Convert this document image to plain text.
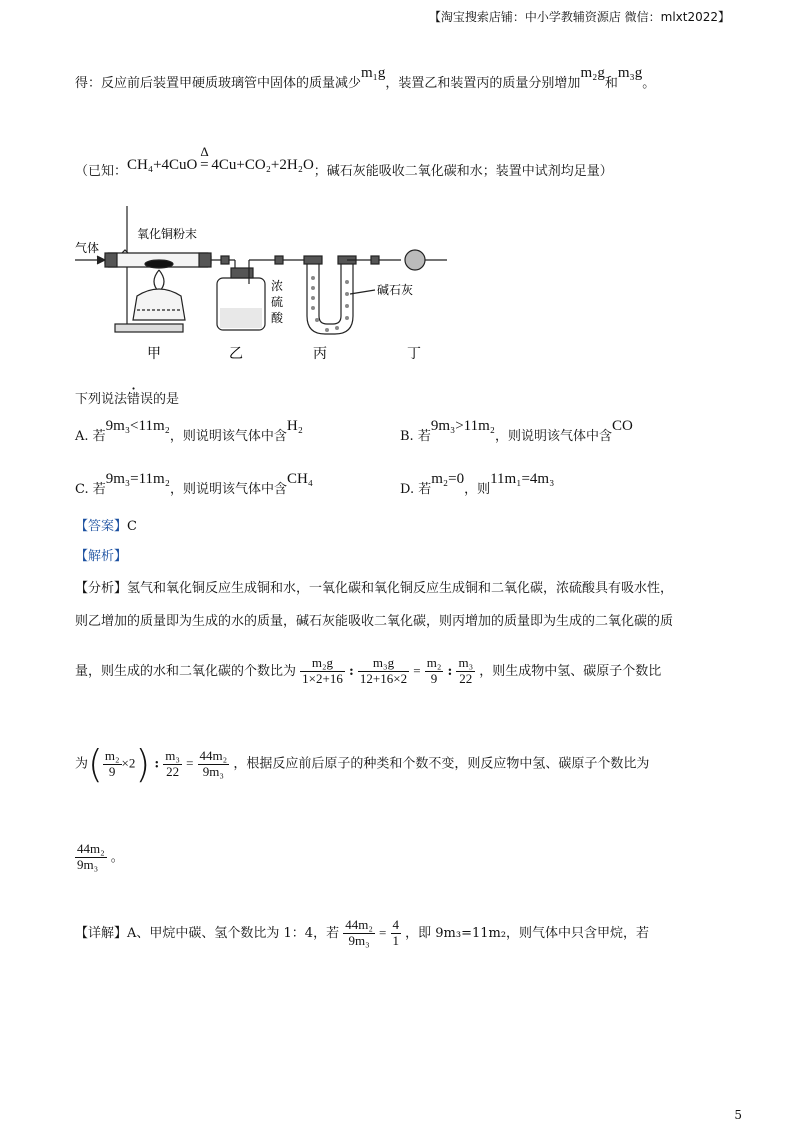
【淘宝搜索店铺：中小学教辅资源店 微信：mlxt2022】
得：反应前后装置甲硬质玻璃管中固体的质量减少m₁g，装置乙和装置丙的质量分别增加m₂g和m₃g。
（已知：CH₄+4CuO
Δ
= 4Cu+CO₂+2H₂O；碱石灰能吸收二氧化碳和水；装置中试剂均足量）
气体
氧化铜粉末
浓
硫
酸
碱石灰
甲	乙	丙	丁
下列说法错误的是
A. 若9m₃<11m₂，则说明该气体中含H₂
B. 若9m₃>11m₂，则说明该气体中含CO
C. 若9m₃=11m₂，则说明该气体中含CH₄
D. 若m₂=0，则11m₁=4m₃
【答案】C
【解析】
【分析】氢气和氧化铜反应生成铜和水，一氧化碳和氧化铜反应生成铜和二氧化碳，浓硫酸具有吸水性，
则乙增加的质量即为生成的水的质量，碱石灰能吸收二氧化碳，则丙增加的质量即为生成的二氧化碳的质
量，则生成的水和二氧化碳的个数比为 $\frac{\text{m₂g}}{1\times 2+16}$ : $\frac{\text{m₃g}}{12+16\times 2} = \frac{\text{m₂}}{9}$ : $\frac{\text{m₃}}{22}$ ，则生成物中氢、碳原子个数比
为( $\frac{\text{m₂}}{9} \times 2$) : $\frac{\text{m₃}}{22} = \frac{\text{44m₂}}{\text{9m₃}}$ ，根据反应前后原子的种类和个数不变，则反应物中氢、碳原子个数比为
$\frac{\text{44m₂}}{\text{9m₃}}$ 。
【详解】A、甲烷中碳、氢个数比为 1：4，若 $\frac{\text{44m₂}}{\text{9m₃}} = \frac{4}{1}$ ，即 9m₃=11m₂，则气体中只含甲烷，若
5
